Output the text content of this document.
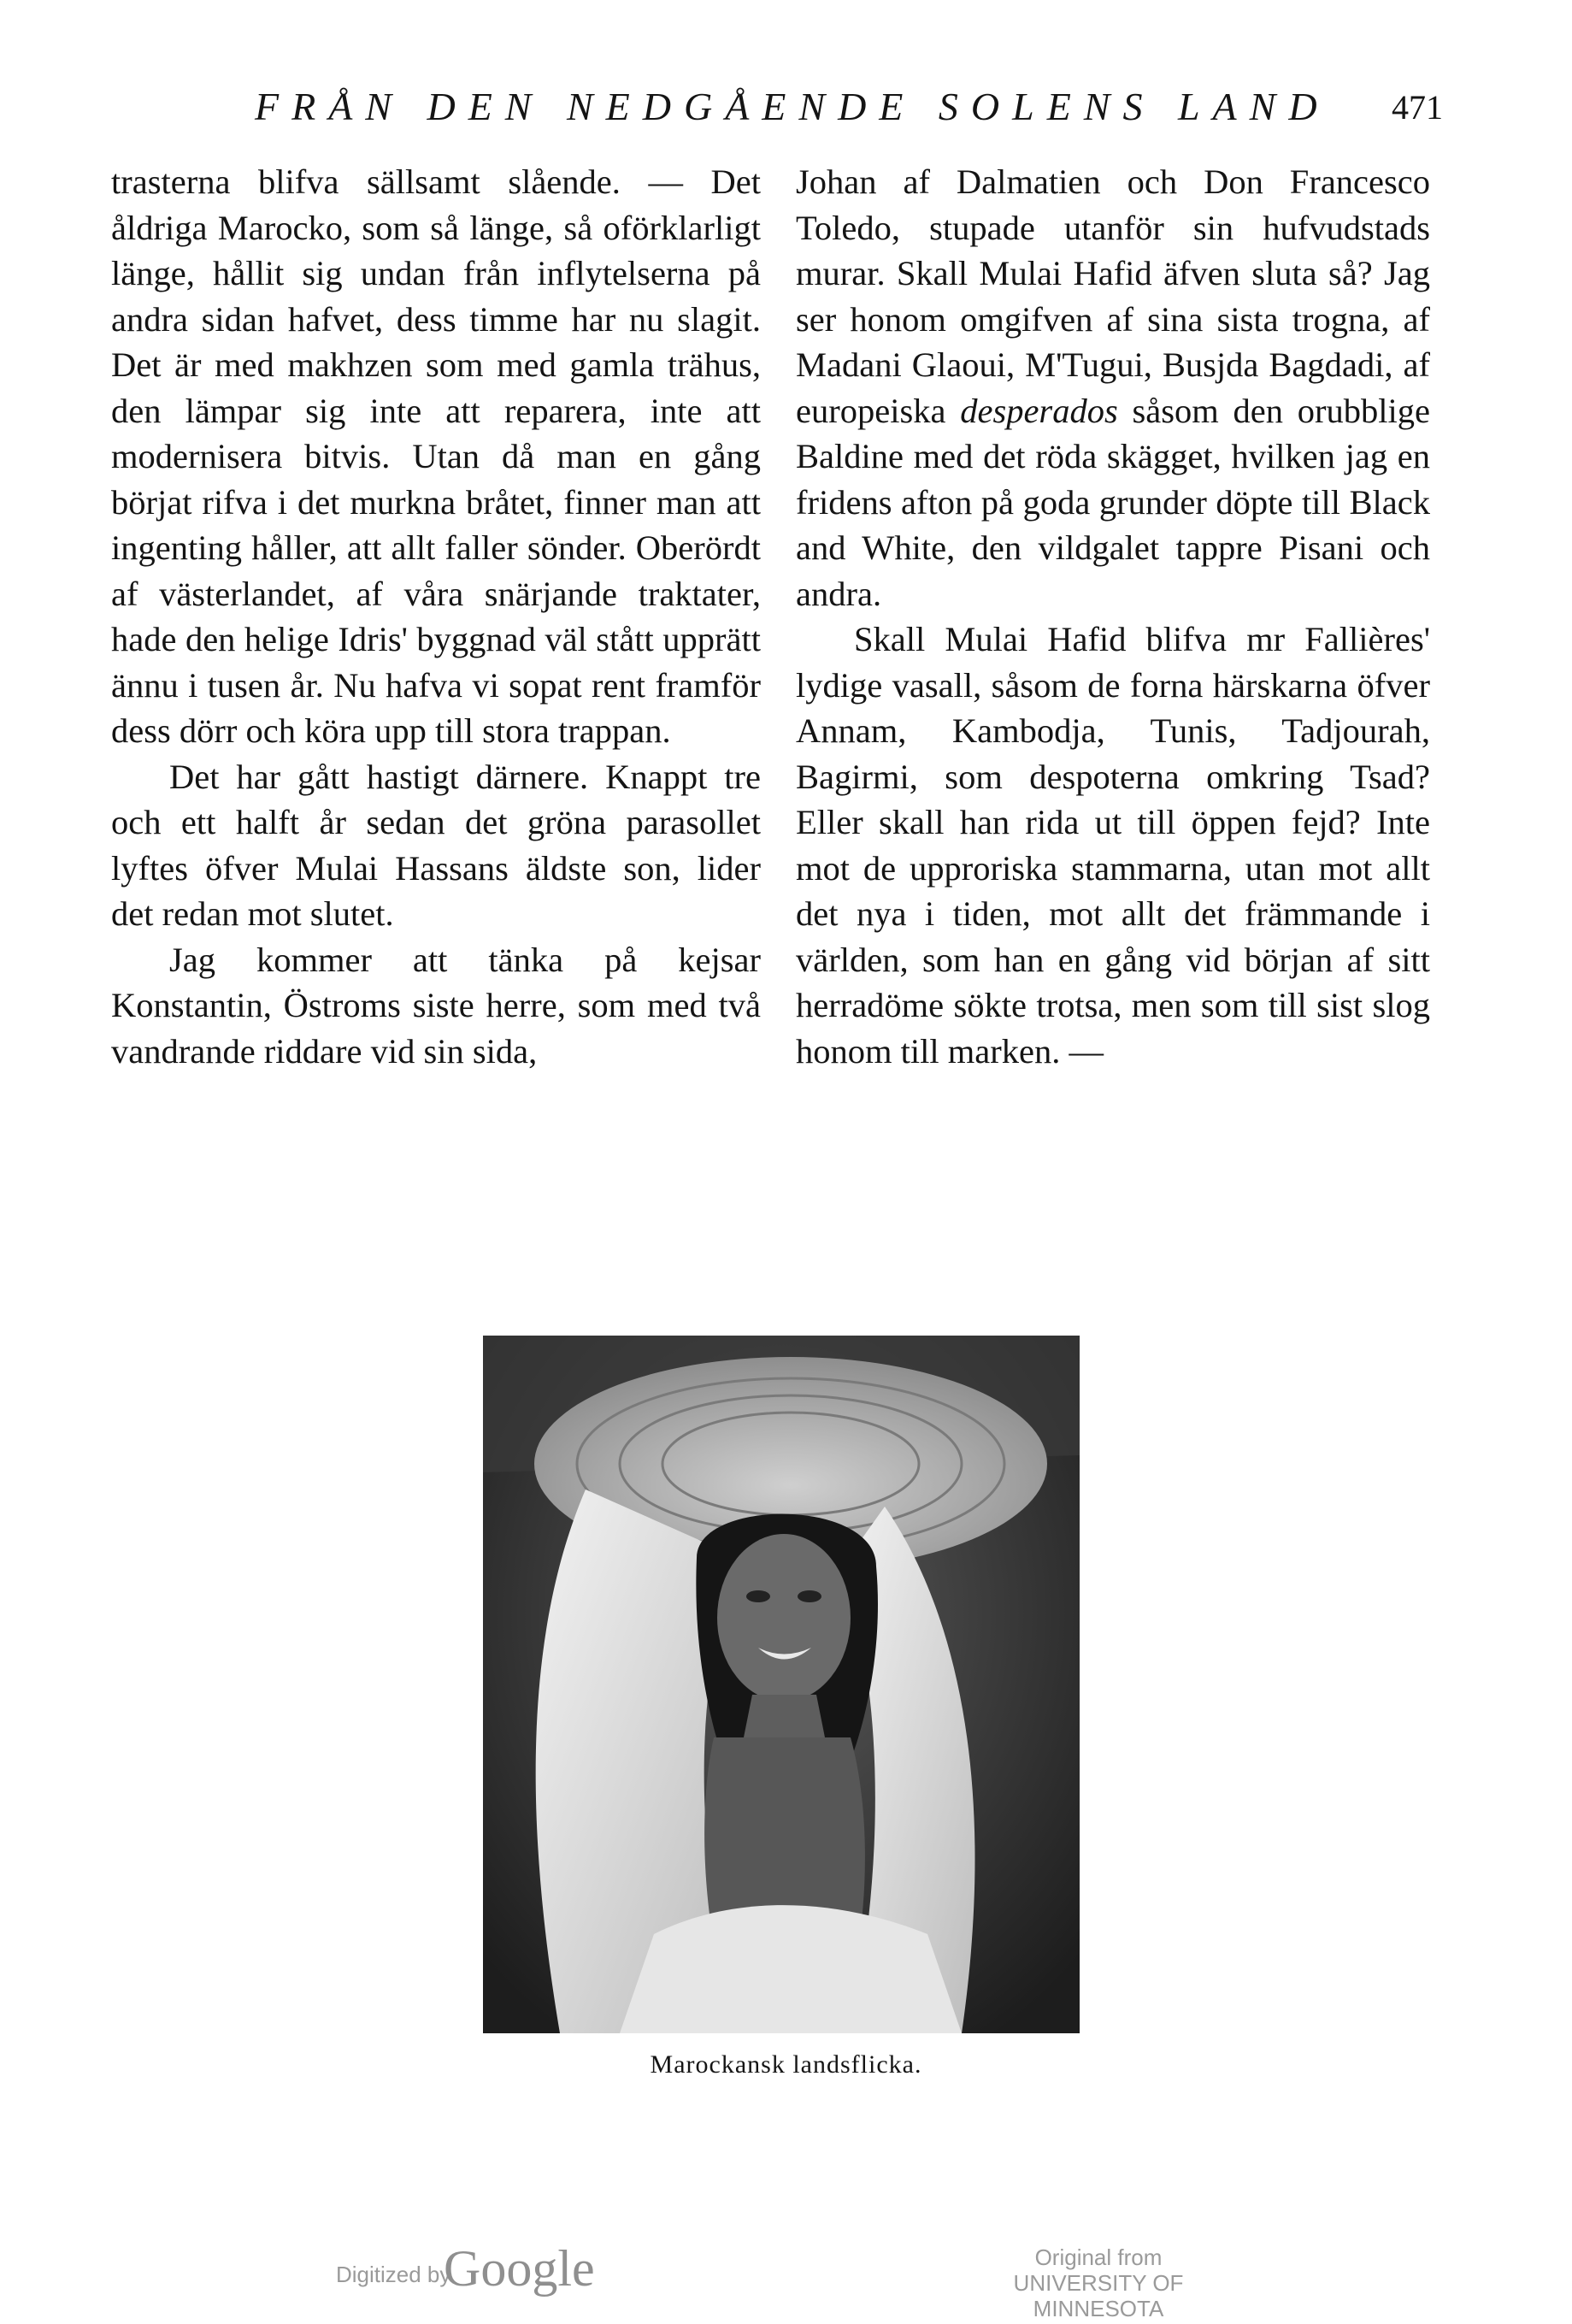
FRÅN DEN NEDGÅENDE SOLENS LAND 471

trasterna blifva sällsamt slående. — Det åldriga Marocko, som så länge, så oförklarligt länge, hållit sig undan från inflytelserna på andra sidan hafvet, dess timme har nu slagit. Det är med makhzen som med gamla trähus, den lämpar sig inte att reparera, inte att modernisera bitvis. Utan då man en gång börjat rifva i det murkna bråtet, finner man att ingenting håller, att allt faller sönder. Oberördt af västerlandet, af våra snärjande traktater, hade den helige Idris' byggnad väl stått upprätt ännu i tusen år. Nu hafva vi sopat rent framför dess dörr och köra upp till stora trappan.

Det har gått hastigt därnere. Knappt tre och ett halft år sedan det gröna parasollet lyftes öfver Mulai Hassans äldste son, lider det redan mot slutet.

Jag kommer att tänka på kejsar Konstantin, Östroms siste herre, som med två vandrande riddare vid sin sida,

Johan af Dalmatien och Don Francesco Toledo, stupade utanför sin hufvudstads murar. Skall Mulai Hafid äfven sluta så? Jag ser honom omgifven af sina sista trogna, af Madani Glaoui, M'Tugui, Busjda Bagdadi, af europeiska desperados såsom den orubblige Baldine med det röda skägget, hvilken jag en fridens afton på goda grunder döpte till Black and White, den vildgalet tappre Pisani och andra.

Skall Mulai Hafid blifva mr Fallières' lydige vasall, såsom de forna härskarna öfver Annam, Kambodja, Tunis, Tadjourah, Bagirmi, som despoterna omkring Tsad? Eller skall han rida ut till öppen fejd? Inte mot de upproriska stammarna, utan mot allt det nya i tiden, mot allt det främmande i världen, som han en gång vid början af sitt herradöme sökte trotsa, men som till sist slog honom till marken. —

Marockansk landsflicka.
Digitized by
Google	Original from
UNIVERSITY OF MINNESOTA
